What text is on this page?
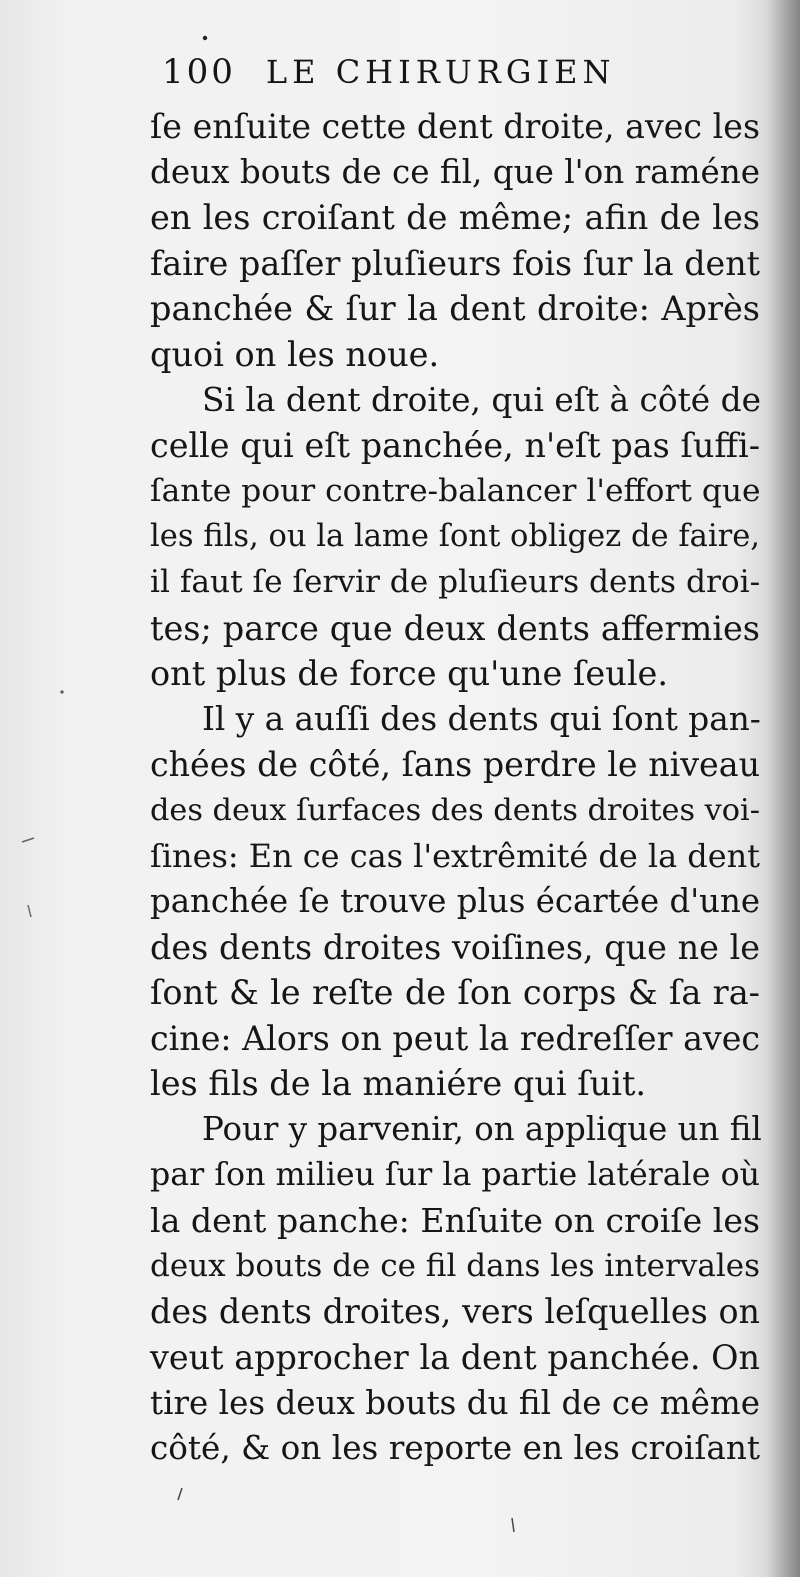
100 LE CHIRURGIEN
ſe enſuite cette dent droite, avec les
deux bouts de ce fil, que l'on raméne
en les croiſant de même; afin de les
faire paſſer pluſieurs fois ſur la dent
panchée & ſur la dent droite: Après
quoi on les noue.
Si la dent droite, qui eſt à côté de
celle qui eſt panchée, n'eſt pas ſuffi-
ſante pour contre-balancer l'effort que
les fils, ou la lame ſont obligez de faire,
il faut ſe ſervir de pluſieurs dents droi-
tes; parce que deux dents affermies
ont plus de force qu'une ſeule.
Il y a auſſi des dents qui ſont pan-
chées de côté, ſans perdre le niveau
des deux ſurfaces des dents droites voi-
ſines: En ce cas l'extrêmité de la dent
panchée ſe trouve plus écartée d'une
des dents droites voiſines, que ne le
ſont & le reſte de ſon corps & ſa ra-
cine: Alors on peut la redreſſer avec
les fils de la maniére qui ſuit.
Pour y parvenir, on applique un fil
par ſon milieu ſur la partie latérale où
la dent panche: Enſuite on croiſe les
deux bouts de ce fil dans les intervales
des dents droites, vers leſquelles on
veut approcher la dent panchée. On
tire les deux bouts du fil de ce même
côté, & on les reporte en les croiſant
